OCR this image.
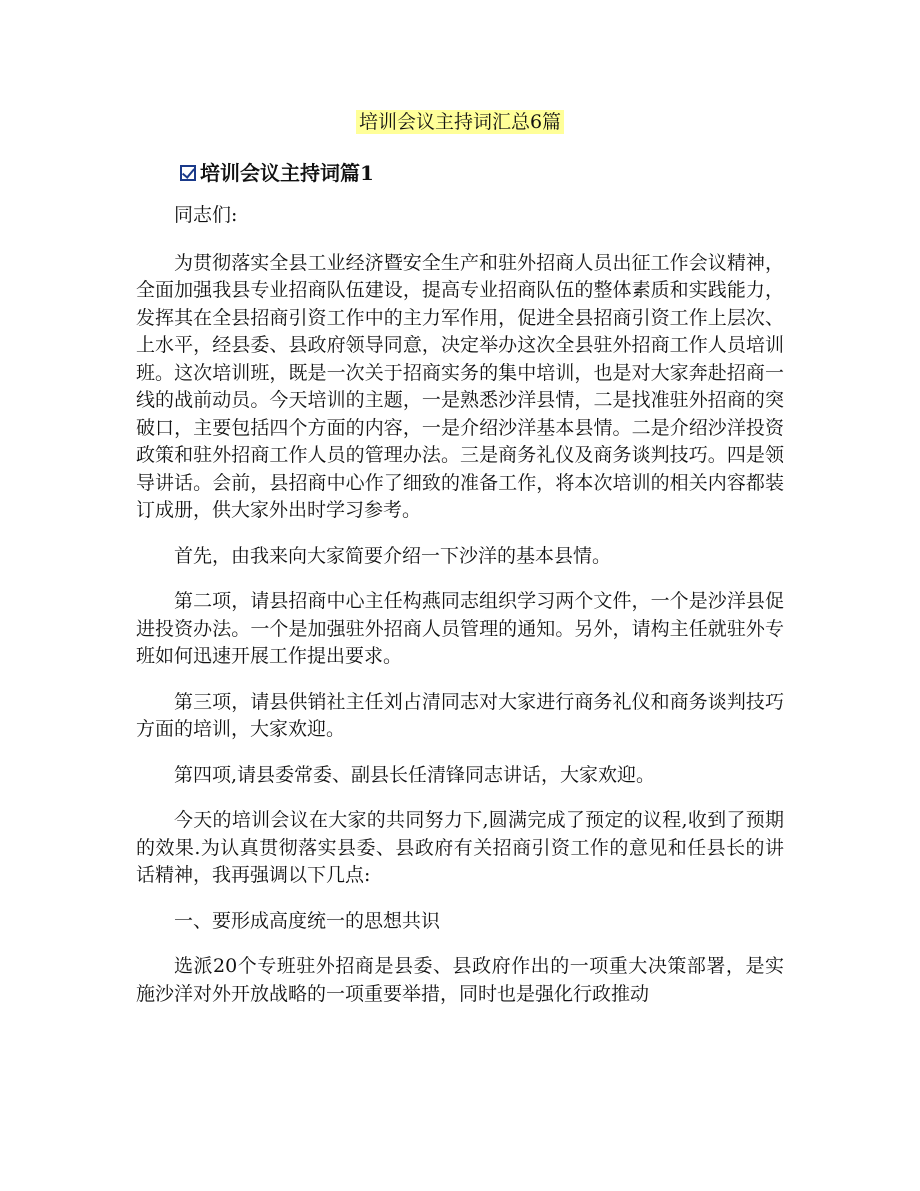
培训会议主持词汇总6篇
培训会议主持词篇1

同志们:

为贯彻落实全县工业经济暨安全生产和驻外招商人员出征工作会议精神，全面加强我县专业招商队伍建设，提高专业招商队伍的整体素质和实践能力，发挥其在全县招商引资工作中的主力军作用，促进全县招商引资工作上层次、上水平，经县委、县政府领导同意，决定举办这次全县驻外招商工作人员培训班。这次培训班，既是一次关于招商实务的集中培训，也是对大家奔赴招商一线的战前动员。今天培训的主题，一是熟悉沙洋县情，二是找准驻外招商的突破口，主要包括四个方面的内容，一是介绍沙洋基本县情。二是介绍沙洋投资政策和驻外招商工作人员的管理办法。三是商务礼仪及商务谈判技巧。四是领导讲话。会前，县招商中心作了细致的准备工作，将本次培训的相关内容都装订成册，供大家外出时学习参考。

首先，由我来向大家简要介绍一下沙洋的基本县情。

第二项，请县招商中心主任构燕同志组织学习两个文件，一个是沙洋县促进投资办法。一个是加强驻外招商人员管理的通知。另外，请构主任就驻外专班如何迅速开展工作提出要求。

第三项，请县供销社主任刘占清同志对大家进行商务礼仪和商务谈判技巧方面的培训，大家欢迎。

第四项,请县委常委、副县长任清锋同志讲话，大家欢迎。

今天的培训会议在大家的共同努力下,圆满完成了预定的议程,收到了预期的效果.为认真贯彻落实县委、县政府有关招商引资工作的意见和任县长的讲话精神，我再强调以下几点:

一、要形成高度统一的思想共识

选派20个专班驻外招商是县委、县政府作出的一项重大决策部署，是实施沙洋对外开放战略的一项重要举措，同时也是强化行政推动
